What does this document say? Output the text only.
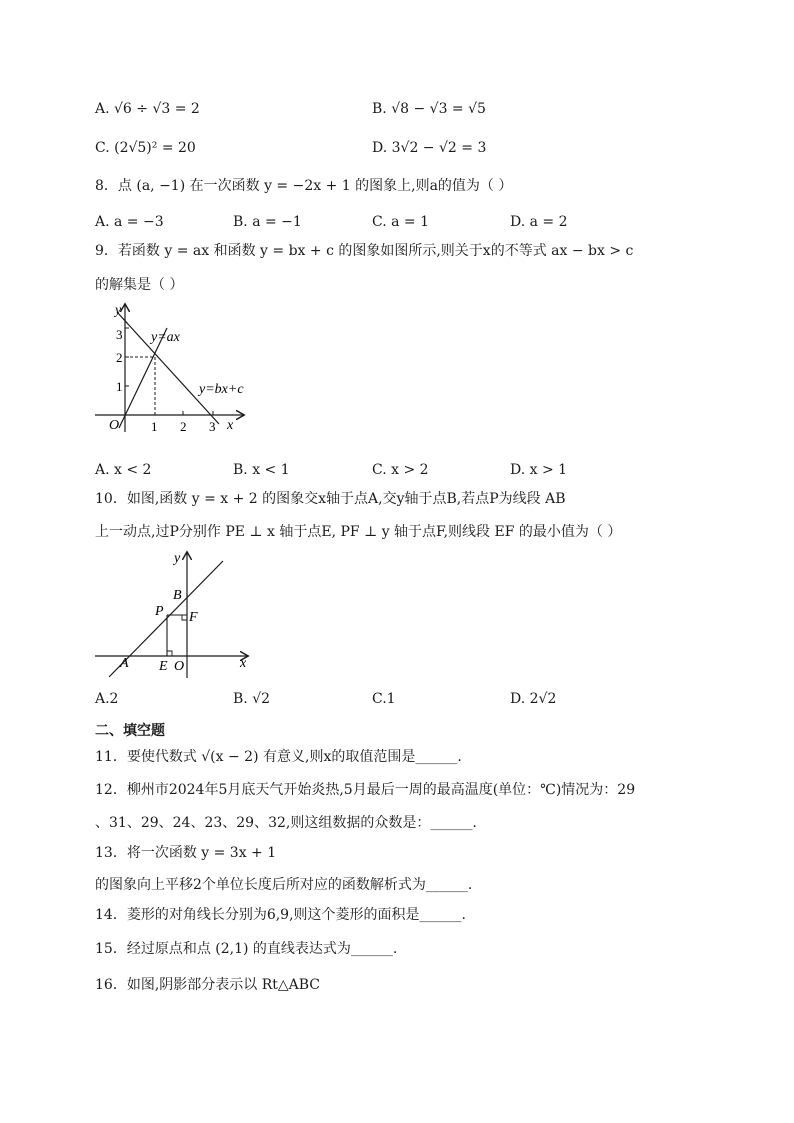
A. √6 ÷ √3 = 2	B. √8 − √3 = √5
C. (2√5)² = 20	D. 3√2 − √2 = 3
8．点 (a, −1) 在一次函数 y = −2x + 1 的图象上,则a的值为（ ）
A. a = −3	B. a = −1	C. a = 1	D. a = 2
9．若函数 y = ax 和函数 y = bx + c 的图象如图所示,则关于x的不等式 ax − bx > c
的解集是（ ）
y
x
O 1 2 3
1
2
3 y=ax
y=bx+c
A. x < 2	B. x < 1	C. x > 2	D. x > 1
10．如图,函数 y = x + 2 的图象交x轴于点A,交y轴于点B,若点P为线段 AB
上一动点,过P分别作 PE ⊥ x 轴于点E, PF ⊥ y 轴于点F,则线段 EF 的最小值为（ ）
y
x
A
B
P F
E O
A.2	B. √2	C.1	D. 2√2
二、填空题
11．要使代数式 √(x − 2) 有意义,则x的取值范围是______.
12．柳州市2024年5月底天气开始炎热,5月最后一周的最高温度(单位：℃)情况为：29
、31、29、24、23、29、32,则这组数据的众数是：______.
13．将一次函数 y = 3x + 1
的图象向上平移2个单位长度后所对应的函数解析式为______.
14．菱形的对角线长分别为6,9,则这个菱形的面积是______.
15．经过原点和点 (2,1) 的直线表达式为______.
16．如图,阴影部分表示以 Rt△ABC
